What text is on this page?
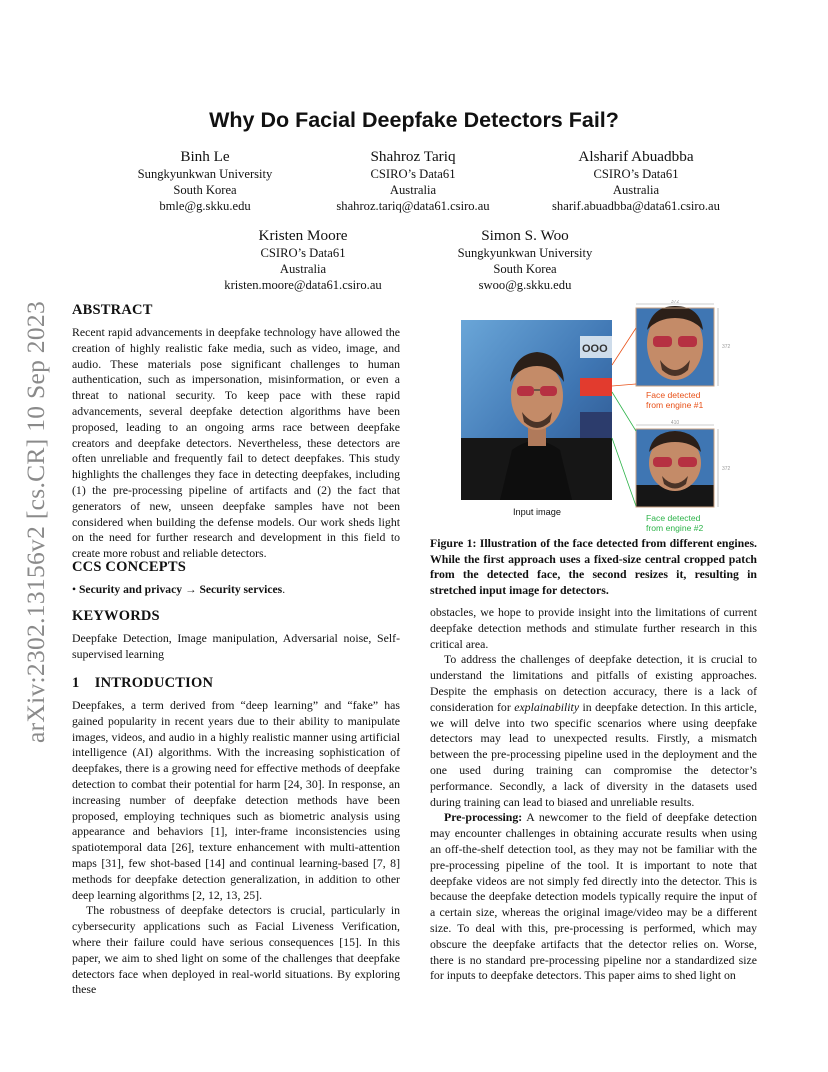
arXiv:2302.13156v2 [cs.CR] 10 Sep 2023
Why Do Facial Deepfake Detectors Fail?
Binh Le
Sungkyunkwan University
South Korea
bmle@g.skku.edu
Shahroz Tariq
CSIRO’s Data61
Australia
shahroz.tariq@data61.csiro.au
Alsharif Abuadbba
CSIRO’s Data61
Australia
sharif.abuadbba@data61.csiro.au
Kristen Moore
CSIRO’s Data61
Australia
kristen.moore@data61.csiro.au
Simon S. Woo
Sungkyunkwan University
South Korea
swoo@g.skku.edu
ABSTRACT

Recent rapid advancements in deepfake technology have allowed the creation of highly realistic fake media, such as video, image, and audio. These materials pose significant challenges to human authentication, such as impersonation, misinformation, or even a threat to national security. To keep pace with these rapid advancements, several deepfake detection algorithms have been proposed, leading to an ongoing arms race between deepfake creators and deepfake detectors. Nevertheless, these detectors are often unreliable and frequently fail to detect deepfakes. This study highlights the challenges they face in detecting deepfakes, including (1) the pre-processing pipeline of artifacts and (2) the fact that generators of new, unseen deepfake samples have not been considered when building the defense models. Our work sheds light on the need for further research and development in this field to create more robust and reliable detectors.

CCS CONCEPTS

• Security and privacy → Security services.

KEYWORDS

Deepfake Detection, Image manipulation, Adversarial noise, Self-supervised learning

1    INTRODUCTION

Deepfakes, a term derived from “deep learning” and “fake” has gained popularity in recent years due to their ability to manipulate images, videos, and audio in a highly realistic manner using artificial intelligence (AI) algorithms. With the increasing sophistication of deepfakes, there is a growing need for effective methods of deepfake detection to combat their potential for harm [24, 30]. In response, an increasing number of deepfake detection methods have been proposed, employing techniques such as biometric analysis using appearance and behaviors [1], inter-frame inconsistencies using spatiotemporal data [26], texture enhancement with multi-attention maps [31], few shot-based [14] and continual learning-based [7, 8] methods for deepfake detection generalization, in addition to other deep learning algorithms [2, 12, 13, 25].

The robustness of deepfake detectors is crucial, particularly in cybersecurity applications such as Facial Liveness Verification, where their failure could have serious consequences [15]. In this paper, we aim to shed light on some of the challenges that deepfake detectors face when deployed in real-world situations. By exploring these

OOO
372
372
Face detected
from engine #1
410
372
Face detected
from engine #2
Input image

Figure 1: Illustration of the face detected from different engines. While the first approach uses a fixed-size central cropped patch from the detected face, the second resizes it, resulting in stretched input image for detectors.

obstacles, we hope to provide insight into the limitations of current deepfake detection methods and stimulate further research in this critical area.

To address the challenges of deepfake detection, it is crucial to understand the limitations and pitfalls of existing approaches. Despite the emphasis on detection accuracy, there is a lack of consideration for explainability in deepfake detection. In this article, we will delve into two specific scenarios where using deepfake detectors may lead to unexpected results. Firstly, a mismatch between the pre-processing pipeline used in the deployment and the one used during training can compromise the detector’s performance. Secondly, a lack of diversity in the datasets used during training can lead to biased and unreliable results.

Pre-processing: A newcomer to the field of deepfake detection may encounter challenges in obtaining accurate results when using an off-the-shelf detection tool, as they may not be familiar with the pre-processing pipeline of the tool. It is important to note that deepfake videos are not simply fed directly into the detector. This is because the deepfake detection models typically require the input of a certain size, whereas the original image/video may be a different size. To deal with this, pre-processing is performed, which may obscure the deepfake artifacts that the detector relies on. Worse, there is no standard pre-processing pipeline nor a standardized size for inputs to deepfake detectors. This paper aims to shed light on
